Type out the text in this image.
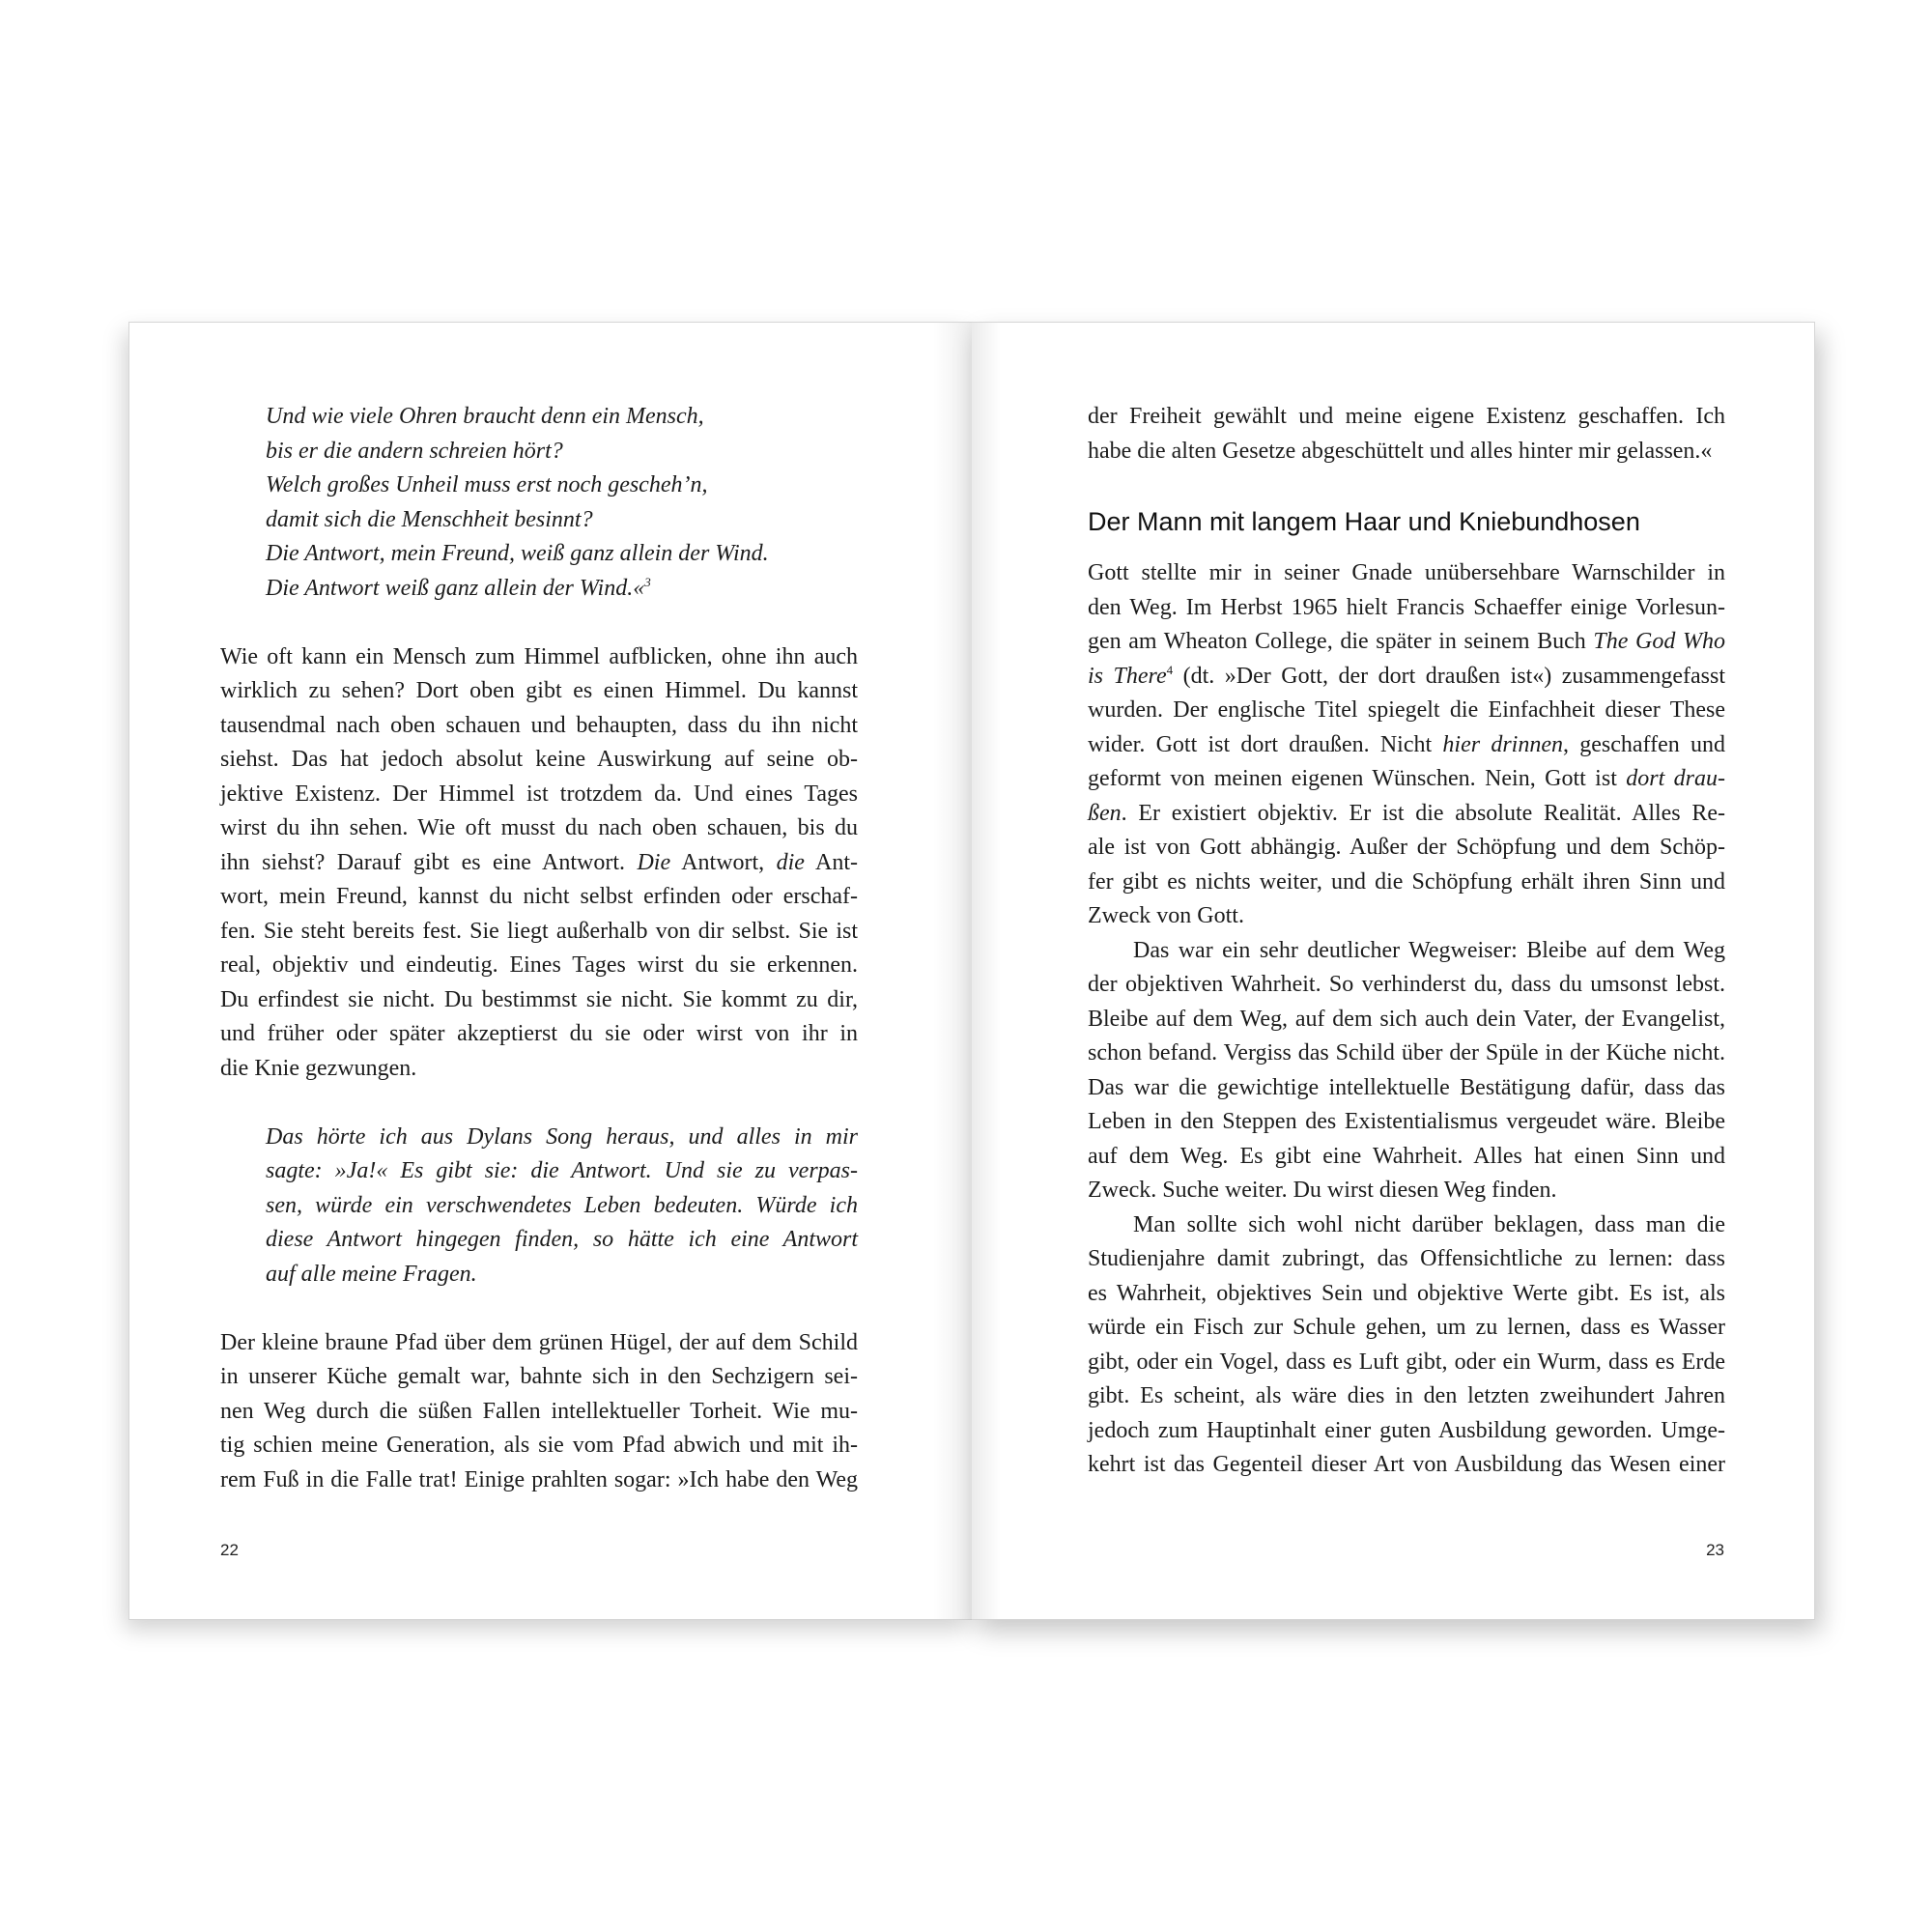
Und wie viele Ohren braucht denn ein Mensch,
bis er die andern schreien hört?
Welch großes Unheil muss erst noch gescheh’n,
damit sich die Menschheit besinnt?
Die Antwort, mein Freund, weiß ganz allein der Wind.
Die Antwort weiß ganz allein der Wind.«$^3$
Wie oft kann ein Mensch zum Himmel aufblicken, ohne ihn auch
wirklich zu sehen? Dort oben gibt es einen Himmel. Du kannst
tausendmal nach oben schauen und behaupten, dass du ihn nicht
siehst. Das hat jedoch absolut keine Auswirkung auf seine ob-
jektive Existenz. Der Himmel ist trotzdem da. Und eines Tages
wirst du ihn sehen. Wie oft musst du nach oben schauen, bis du
ihn siehst? Darauf gibt es eine Antwort. Die Antwort, die Ant-
wort, mein Freund, kannst du nicht selbst erfinden oder erschaf-
fen. Sie steht bereits fest. Sie liegt außerhalb von dir selbst. Sie ist
real, objektiv und eindeutig. Eines Tages wirst du sie erkennen.
Du erfindest sie nicht. Du bestimmst sie nicht. Sie kommt zu dir,
und früher oder später akzeptierst du sie oder wirst von ihr in
die Knie gezwungen.
Das hörte ich aus Dylans Song heraus, und alles in mir
sagte: »Ja!« Es gibt sie: die Antwort. Und sie zu verpas-
sen, würde ein verschwendetes Leben bedeuten. Würde ich
diese Antwort hingegen finden, so hätte ich eine Antwort
auf alle meine Fragen.
Der kleine braune Pfad über dem grünen Hügel, der auf dem Schild
in unserer Küche gemalt war, bahnte sich in den Sechzigern sei-
nen Weg durch die süßen Fallen intellektueller Torheit. Wie mu-
tig schien meine Generation, als sie vom Pfad abwich und mit ih-
rem Fuß in die Falle trat! Einige prahlten sogar: »Ich habe den Weg
22
der Freiheit gewählt und meine eigene Existenz geschaffen. Ich
habe die alten Gesetze abgeschüttelt und alles hinter mir gelassen.«
Der Mann mit langem Haar und Kniebundhosen
Gott stellte mir in seiner Gnade unübersehbare Warnschilder in
den Weg. Im Herbst 1965 hielt Francis Schaeffer einige Vorlesun-
gen am Wheaton College, die später in seinem Buch The God Who
is There$^4$ (dt. »Der Gott, der dort draußen ist«) zusammengefasst
wurden. Der englische Titel spiegelt die Einfachheit dieser These
wider. Gott ist dort draußen. Nicht hier drinnen, geschaffen und
geformt von meinen eigenen Wünschen. Nein, Gott ist dort drau-
ßen. Er existiert objektiv. Er ist die absolute Realität. Alles Re-
ale ist von Gott abhängig. Außer der Schöpfung und dem Schöp-
fer gibt es nichts weiter, und die Schöpfung erhält ihren Sinn und
Zweck von Gott.
Das war ein sehr deutlicher Wegweiser: Bleibe auf dem Weg
der objektiven Wahrheit. So verhinderst du, dass du umsonst lebst.
Bleibe auf dem Weg, auf dem sich auch dein Vater, der Evangelist,
schon befand. Vergiss das Schild über der Spüle in der Küche nicht.
Das war die gewichtige intellektuelle Bestätigung dafür, dass das
Leben in den Steppen des Existentialismus vergeudet wäre. Bleibe
auf dem Weg. Es gibt eine Wahrheit. Alles hat einen Sinn und
Zweck. Suche weiter. Du wirst diesen Weg finden.
Man sollte sich wohl nicht darüber beklagen, dass man die
Studienjahre damit zubringt, das Offensichtliche zu lernen: dass
es Wahrheit, objektives Sein und objektive Werte gibt. Es ist, als
würde ein Fisch zur Schule gehen, um zu lernen, dass es Wasser
gibt, oder ein Vogel, dass es Luft gibt, oder ein Wurm, dass es Erde
gibt. Es scheint, als wäre dies in den letzten zweihundert Jahren
jedoch zum Hauptinhalt einer guten Ausbildung geworden. Umge-
kehrt ist das Gegenteil dieser Art von Ausbildung das Wesen einer
23
